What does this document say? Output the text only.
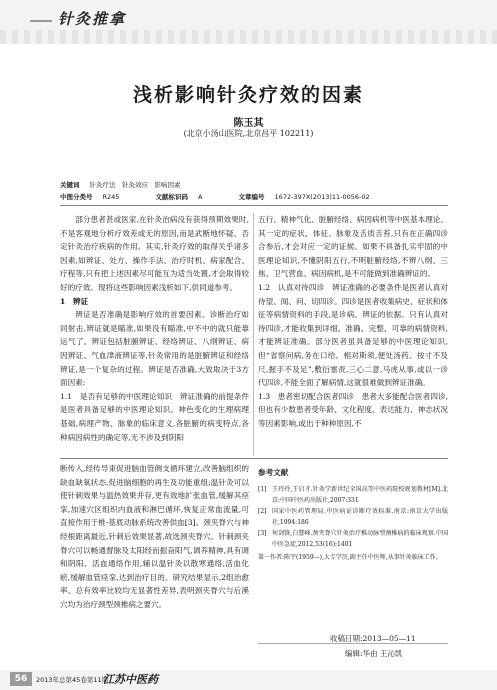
针灸推拿
浅析影响针灸疗效的因素
陈玉其
(北京小汤山医院,北京昌平 102211)
关键词 针灸疗法　针灸效应　影响因素
中图分类号 R245	文献标识码 A	文章编号 1672-397X(2013)11-0056-02

部分患者甚或医家,在针灸治病没有获得预期效果时,不是客观地分析疗效差或无的原因,而是武断地怀疑、否定针灸治疗疾病的作用。其实,针灸疗效的取得关乎诸多因素,如辨证、处方、操作手法、治疗时机、病家配合、疗程等,只有把上述因素尽可能互为适当处置,才会取得较好的疗效。现将这些影响因素浅析如下,供同道参考。

1　辨证

辨证是否准确是影响疗效的首要因素。诊断治疗如同射击,辨证就是瞄准,如果没有瞄准,中不中的就只能靠运气了。辨证包括脏腑辨证、经络辨证、八纲辨证、病因辨证、气血津液辨证等,针灸常用的是脏腑辨证和经络辨证,是一个复杂的过程。辨证是否准确,大致取决于3方面因素:

1.1　是否有足够的中医理论知识　辨证准确的前提条件是医者具备足够的中医理论知识。神色变化的生理病理基础,病理产物、脉象的临床意义,各脏腑的病变特点,各种病因病性的确定等,无不涉及到阴阳

五行、精神气化、脏腑经络、病因病机等中医基本理论。其一定的症状、体征、脉象及舌质舌苔,只有在正确四诊合参后,才会对应一定的证候。如果不具备扎实牢固的中医理论知识,不懂阴阳五行,不明脏腑经络,不辨八纲、三焦、卫气营血、病因病机,是不可能做到准确辨证的。

1.2　认真对待四诊　辨证准确的必要条件是医者认真对待望、闻、问、切四诊。四诊是医者收集病史、症状和体征等病情资料的手段,是诊病、辨证的依据。只有认真对待四诊,才能收集到详细、准确、完整、可靠的病情资料,才能辨证准确。部分医者虽具备足够的中医理论知识,但“省察问病,务在口给。相对斯须,便处汤药。按寸不及尺,握手不及足”,敷衍塞责,三心二意,马虎从事,或以一诊代四诊,不能全面了解病情,这就很难做到辨证准确。

1.3　患者密切配合医者四诊　患者大多能配合医者四诊,但也有少数患者受年龄、文化程度、表达能力、神志状况等因素影响,或出于种种原因,不

断传入,经传导束促进脑血管侧支循环建立,改善脑组织的缺血缺氧状态,促进脑细胞的再生及功能重组;温针灸可以使针刺效果与温热效果并存,更有效地扩张血管,缓解其痉挛,加速穴区组织内血液和淋巴循环,恢复正常血流量,可直接作用于椎-基底动脉系统改善供血[3]。颈夹脊穴与神经根距离最近,针刺后效果显著,故选颈夹脊穴。针刺颈夹脊穴可以畅通督脉及太阳经而振奋阳气,调养精神,具有调和阴阳、活血通络作用,辅以温针灸以散寒通络,活血化瘀,缓解血管痉挛,达到治疗目的。研究结果显示,2组治愈率、总有效率比较均无显著性差异,表明颈夹脊穴与后溪穴均为治疗颈型颈椎病之要穴。

参考文献
[1] 王玲玲,王启才.针灸学新世纪全国高等中医药院校规划教材[M].北京:中国中医药出版社,2007:331
[2] 国家中医药管理局.中医病证诊断疗效标准.南京:南京大学出版社,1994:186
[3] 何剑锋,白慧峰.颈夹脊穴针灸治疗椎动脉型颈椎病的临床观察.中国中医急症,2012,53(16):1401
第一作者:陈宇(1959—),大专学历,副主任中医师,从事针灸临床工作。
收稿日期:2013—05—11
编辑:华由 王沁凯
56	2013年总第45卷第11期
江苏中医药
